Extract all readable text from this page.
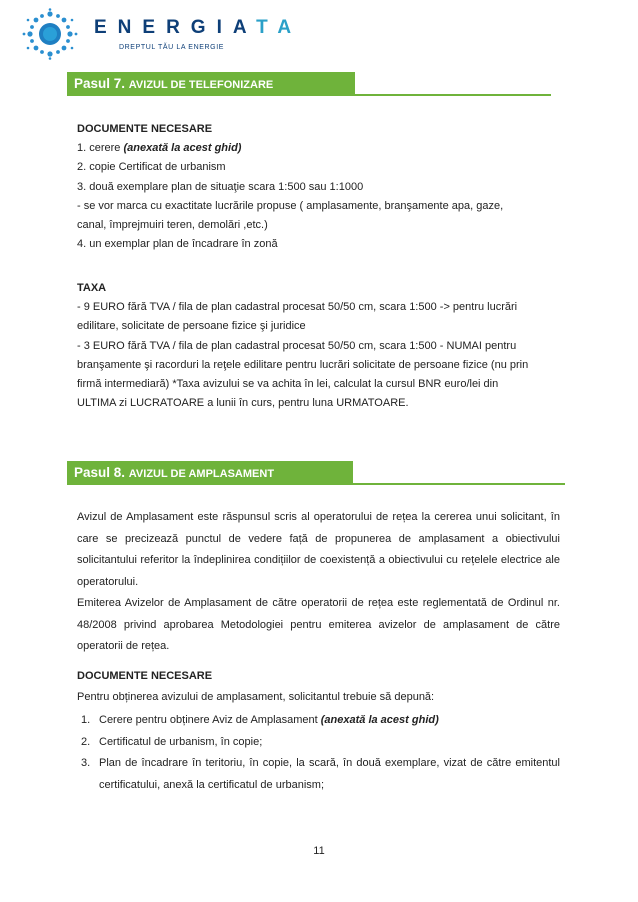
ENERGIATA
DREPTUL TĂU LA ENERGIE
Pasul 7. AVIZUL DE TELEFONIZARE

DOCUMENTE NECESARE

1. cerere (anexată la acest ghid)

2. copie Certificat de urbanism

3. două exemplare plan de situaţie scara 1:500 sau 1:1000

- se vor marca cu exactitate lucrările propuse ( amplasamente, branşamente apa, gaze,

canal, împrejmuiri teren, demolări ,etc.)

4. un exemplar plan de încadrare în zonă

TAXA

- 9 EURO fără TVA / fila de plan cadastral procesat 50/50 cm, scara 1:500 -> pentru lucrări

edilitare, solicitate de persoane fizice şi juridice

- 3 EURO fără TVA / fila de plan cadastral procesat 50/50 cm, scara 1:500 - NUMAI pentru

branşamente şi racorduri la reţele edilitare pentru lucrări solicitate de persoane fizice (nu prin

firmă intermediară) *Taxa avizului se va achita în lei, calculat la cursul BNR euro/lei din

ULTIMA zi LUCRATOARE a lunii în curs, pentru luna URMATOARE.

Pasul 8. AVIZUL DE AMPLASAMENT

Avizul de Amplasament este răspunsul scris al operatorului de rețea la cererea unui solicitant, în care se precizează punctul de vedere față de propunerea de amplasament a obiectivului solicitantului referitor la îndeplinirea condițiilor de coexistență a obiectivului cu rețelele electrice ale operatorului.

Emiterea Avizelor de Amplasament de către operatorii de rețea este reglementată de Ordinul nr. 48/2008 privind aprobarea Metodologiei pentru emiterea avizelor de amplasament de către operatorii de rețea.

DOCUMENTE NECESARE

Pentru obținerea avizului de amplasament, solicitantul trebuie să depună:

1. Cerere pentru obținere Aviz de Amplasament (anexată la acest ghid)
2. Certificatul de urbanism, în copie;
3. Plan de încadrare în teritoriu, în copie, la scară, în două exemplare, vizat de către emitentul certificatului, anexă la certificatul de urbanism;
11
